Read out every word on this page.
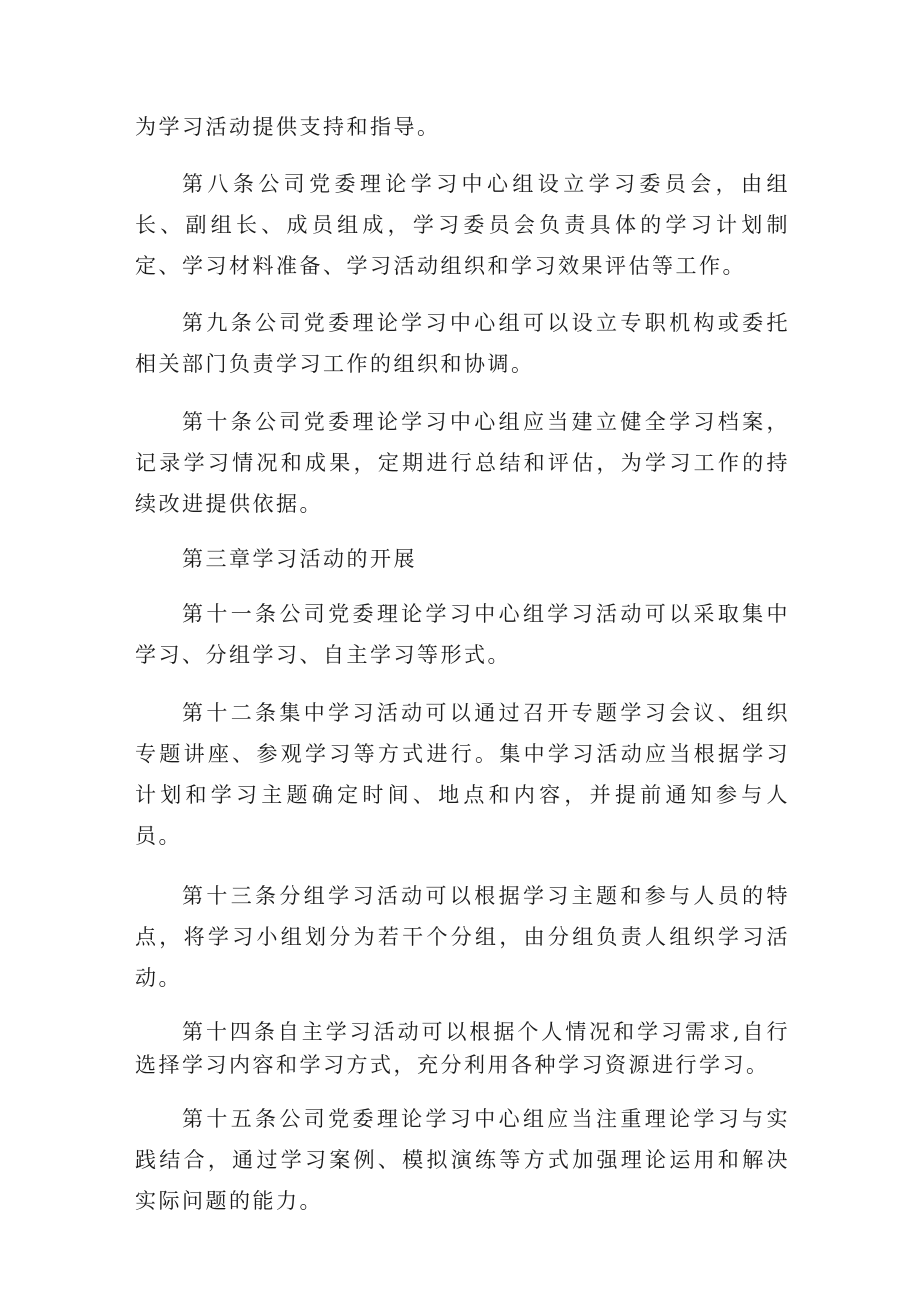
为学习活动提供支持和指导。

第八条公司党委理论学习中心组设立学习委员会，由组长、副组长、成员组成，学习委员会负责具体的学习计划制定、学习材料准备、学习活动组织和学习效果评估等工作。

第九条公司党委理论学习中心组可以设立专职机构或委托相关部门负责学习工作的组织和协调。

第十条公司党委理论学习中心组应当建立健全学习档案，记录学习情况和成果，定期进行总结和评估，为学习工作的持续改进提供依据。

第三章学习活动的开展

第十一条公司党委理论学习中心组学习活动可以采取集中学习、分组学习、自主学习等形式。

第十二条集中学习活动可以通过召开专题学习会议、组织专题讲座、参观学习等方式进行。集中学习活动应当根据学习计划和学习主题确定时间、地点和内容，并提前通知参与人员。

第十三条分组学习活动可以根据学习主题和参与人员的特点，将学习小组划分为若干个分组，由分组负责人组织学习活动。

第十四条自主学习活动可以根据个人情况和学习需求,自行选择学习内容和学习方式，充分利用各种学习资源进行学习。

第十五条公司党委理论学习中心组应当注重理论学习与实践结合，通过学习案例、模拟演练等方式加强理论运用和解决实际问题的能力。
